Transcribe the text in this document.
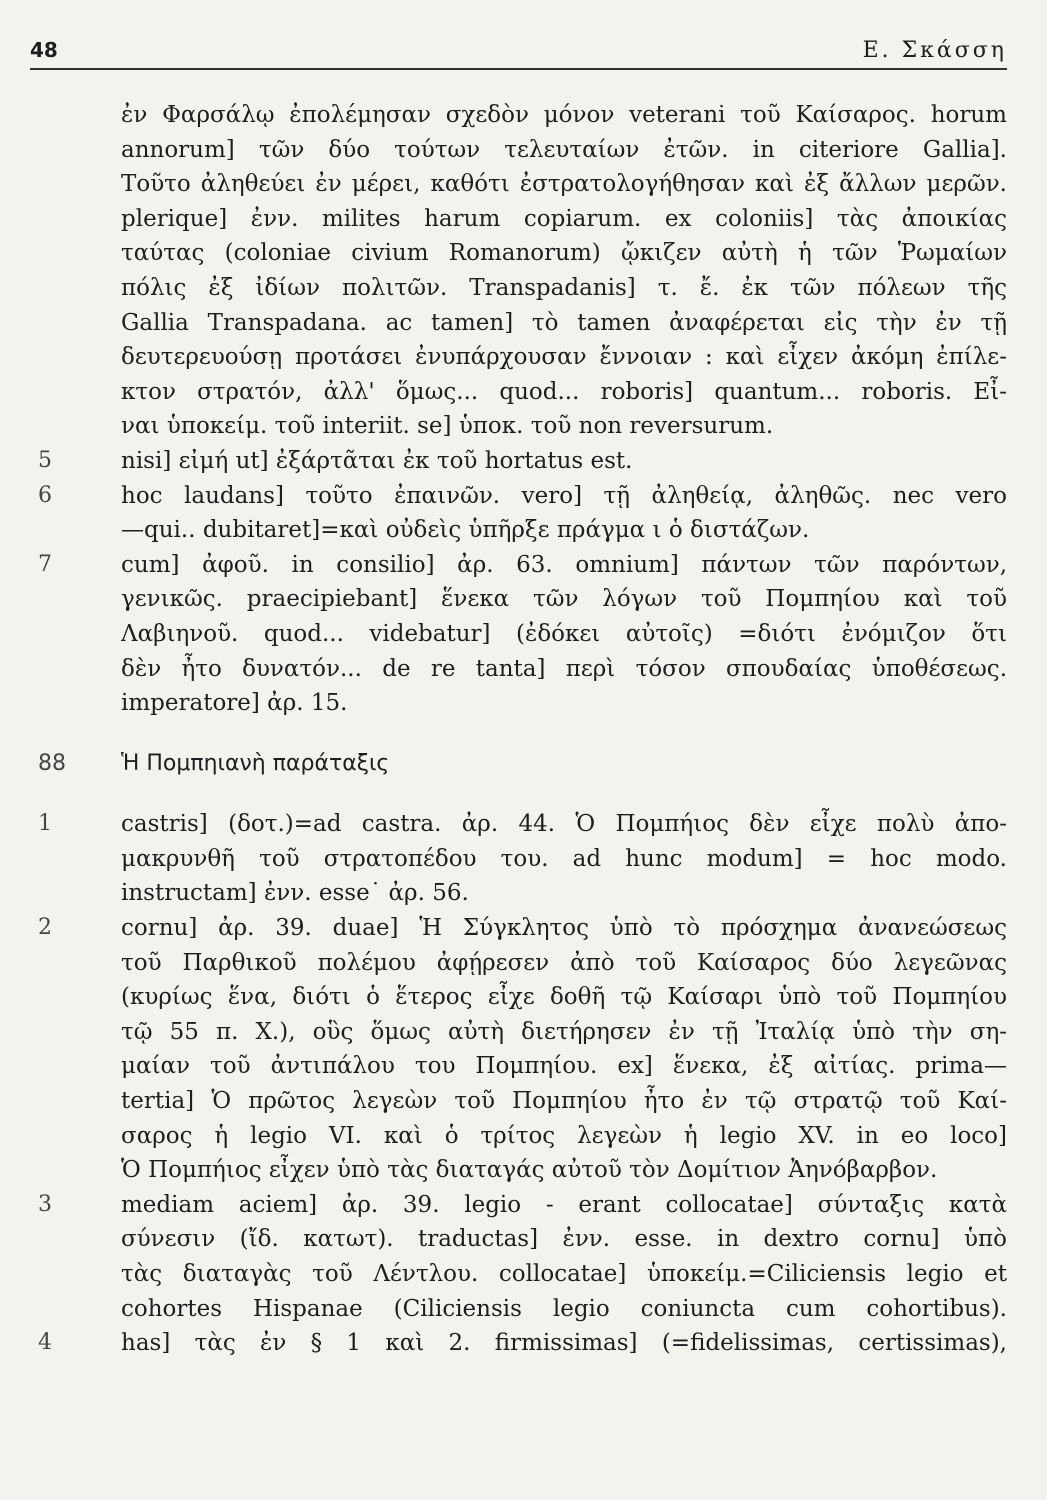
48	Ε. Σκάσση
ἐν Φαρσάλῳ ἐπολέμησαν σχεδὸν μόνον veterani τοῦ Καίσαρος. horum
annorum] τῶν δύο τούτων τελευταίων ἐτῶν. in citeriore Gallia].
Τοῦτο ἀληθεύει ἐν μέρει, καθότι ἐστρατολογήθησαν καὶ ἐξ ἄλλων μερῶν.
plerique] ἐνν. milites harum copiarum. ex coloniis] τὰς ἀποικίας
ταύτας (coloniae civium Romanorum) ᾤκιζεν αὐτὴ ἡ τῶν Ῥωμαίων
πόλις ἐξ ἰδίων πολιτῶν. Transpadanis] τ. ἔ. ἐκ τῶν πόλεων τῆς
Gallia Transpadana. ac tamen] τὸ tamen ἀναφέρεται εἰς τὴν ἐν τῇ
δευτερευούσῃ προτάσει ἐνυπάρχουσαν ἔννοιαν : καὶ εἶχεν ἀκόμη ἐπίλε-
κτον στρατόν, ἀλλ' ὅμως... quod... roboris] quantum... roboris. Εἶ-
ναι ὑποκείμ. τοῦ interiit. se] ὑποκ. τοῦ non reversurum.
5	nisi] εἰμή ut] ἐξάρτᾶται ἐκ τοῦ hortatus est.
6	hoc laudans] τοῦτο ἐπαινῶν. vero] τῇ ἀληθείᾳ, ἀληθῶς. nec vero
—qui.. dubitaret]=καὶ οὐδεὶς ὑπῆρξε πράγμα ι ὁ διστάζων.
7	cum] ἀφοῦ. in consilio] ἀρ. 63. omnium] πάντων τῶν παρόντων,
γενικῶς. praecipiebant] ἕνεκα τῶν λόγων τοῦ Πομπηίου καὶ τοῦ
Λαβιηνοῦ. quod... videbatur] (ἐδόκει αὐτοῖς) =διότι ἐνόμιζον ὅτι
δὲν ἦτο δυνατόν... de re tanta] περὶ τόσον σπουδαίας ὑποθέσεως.
imperatore] ἀρ. 15.
88	Ἡ Πομπηιανὴ παράταξις
1	castris] (δοτ.)=ad castra. ἀρ. 44. Ὁ Πομπήιος δὲν εἶχε πολὺ ἀπο-
μακρυνθῆ τοῦ στρατοπέδου του. ad hunc modum] = hoc modo.
instructam] ἐνν. esse˙ ἀρ. 56.
2	cornu] ἀρ. 39. duae] Ἡ Σύγκλητος ὑπὸ τὸ πρόσχημα ἀνανεώσεως
τοῦ Παρθικοῦ πολέμου ἀφῄρεσεν ἀπὸ τοῦ Καίσαρος δύο λεγεῶνας
(κυρίως ἕνα, διότι ὁ ἕτερος εἶχε δοθῆ τῷ Καίσαρι ὑπὸ τοῦ Πομπηίου
τῷ 55 π. Χ.), οὓς ὅμως αὐτὴ διετήρησεν ἐν τῇ Ἰταλίᾳ ὑπὸ τὴν ση-
μαίαν τοῦ ἀντιπάλου του Πομπηίου. ex] ἕνεκα, ἐξ αἰτίας. prima—
tertia] Ὁ πρῶτος λεγεὼν τοῦ Πομπηίου ἦτο ἐν τῷ στρατῷ τοῦ Καί-
σαρος ἡ legio VI. καὶ ὁ τρίτος λεγεὼν ἡ legio XV. in eo loco]
Ὁ Πομπήιος εἶχεν ὑπὸ τὰς διαταγάς αὐτοῦ τὸν Δομίτιον Ἀηνόβαρβον.
3	mediam aciem] ἀρ. 39. legio - erant collocatae] σύνταξις κατὰ
σύνεσιν (ἴδ. κατωτ). traductas] ἐνν. esse. in dextro cornu] ὑπὸ
τὰς διαταγὰς τοῦ Λέντλου. collocatae] ὑποκείμ.=Ciliciensis legio et
cohortes Hispanae (Ciliciensis legio coniuncta cum cohortibus).
4	has] τὰς ἐν § 1 καὶ 2. firmissimas] (=fidelissimas, certissimas),
